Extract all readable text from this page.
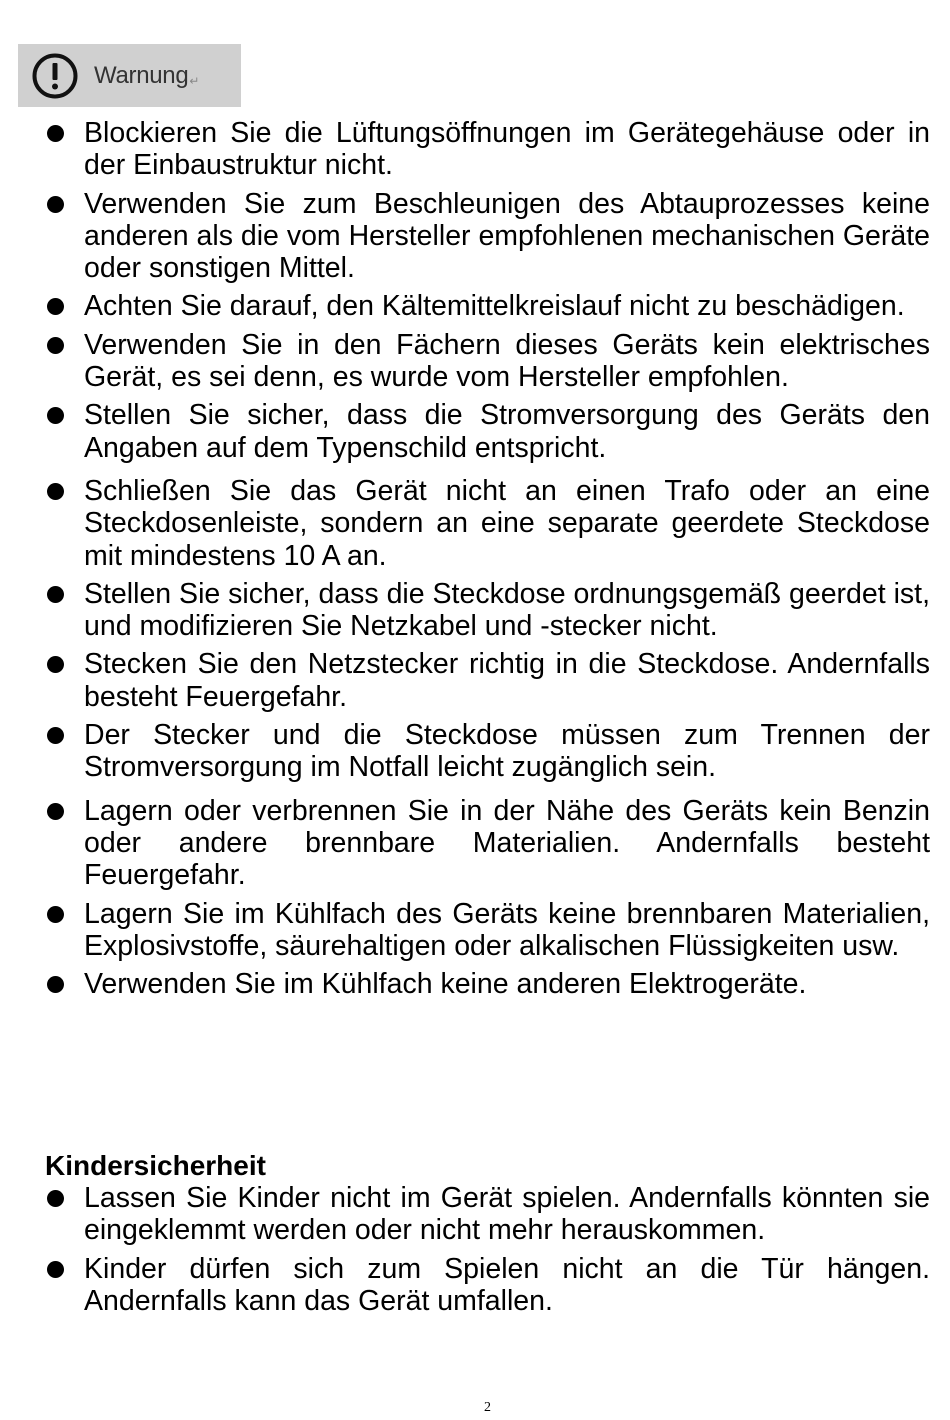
Warnung↵
Blockieren Sie die Lüftungsöffnungen im Gerätegehäuse oder in der Einbaustruktur nicht.
Verwenden Sie zum Beschleunigen des Abtauprozesses keine anderen als die vom Hersteller empfohlenen mechanischen Geräte oder sonstigen Mittel.
Achten Sie darauf, den Kältemittelkreislauf nicht zu beschädigen.
Verwenden Sie in den Fächern dieses Geräts kein elektrisches Gerät, es sei denn, es wurde vom Hersteller empfohlen.
Stellen Sie sicher, dass die Stromversorgung des Geräts den Angaben auf dem Typenschild entspricht.
Schließen Sie das Gerät nicht an einen Trafo oder an eine Steckdosenleiste, sondern an eine separate geerdete Steckdose mit mindestens 10 A an.
Stellen Sie sicher, dass die Steckdose ordnungsgemäß geerdet ist, und modifizieren Sie Netzkabel und -stecker nicht.
Stecken Sie den Netzstecker richtig in die Steckdose. Andernfalls besteht Feuergefahr.
Der Stecker und die Steckdose müssen zum Trennen der Stromversorgung im Notfall leicht zugänglich sein.
Lagern oder verbrennen Sie in der Nähe des Geräts kein Benzin oder andere brennbare Materialien. Andernfalls besteht Feuergefahr.
Lagern Sie im Kühlfach des Geräts keine brennbaren Materialien, Explosivstoffe, säurehaltigen oder alkalischen Flüssigkeiten usw.
Verwenden Sie im Kühlfach keine anderen Elektrogeräte.
Kindersicherheit
Lassen Sie Kinder nicht im Gerät spielen. Andernfalls könnten sie eingeklemmt werden oder nicht mehr herauskommen.
Kinder dürfen sich zum Spielen nicht an die Tür hängen. Andernfalls kann das Gerät umfallen.
2
